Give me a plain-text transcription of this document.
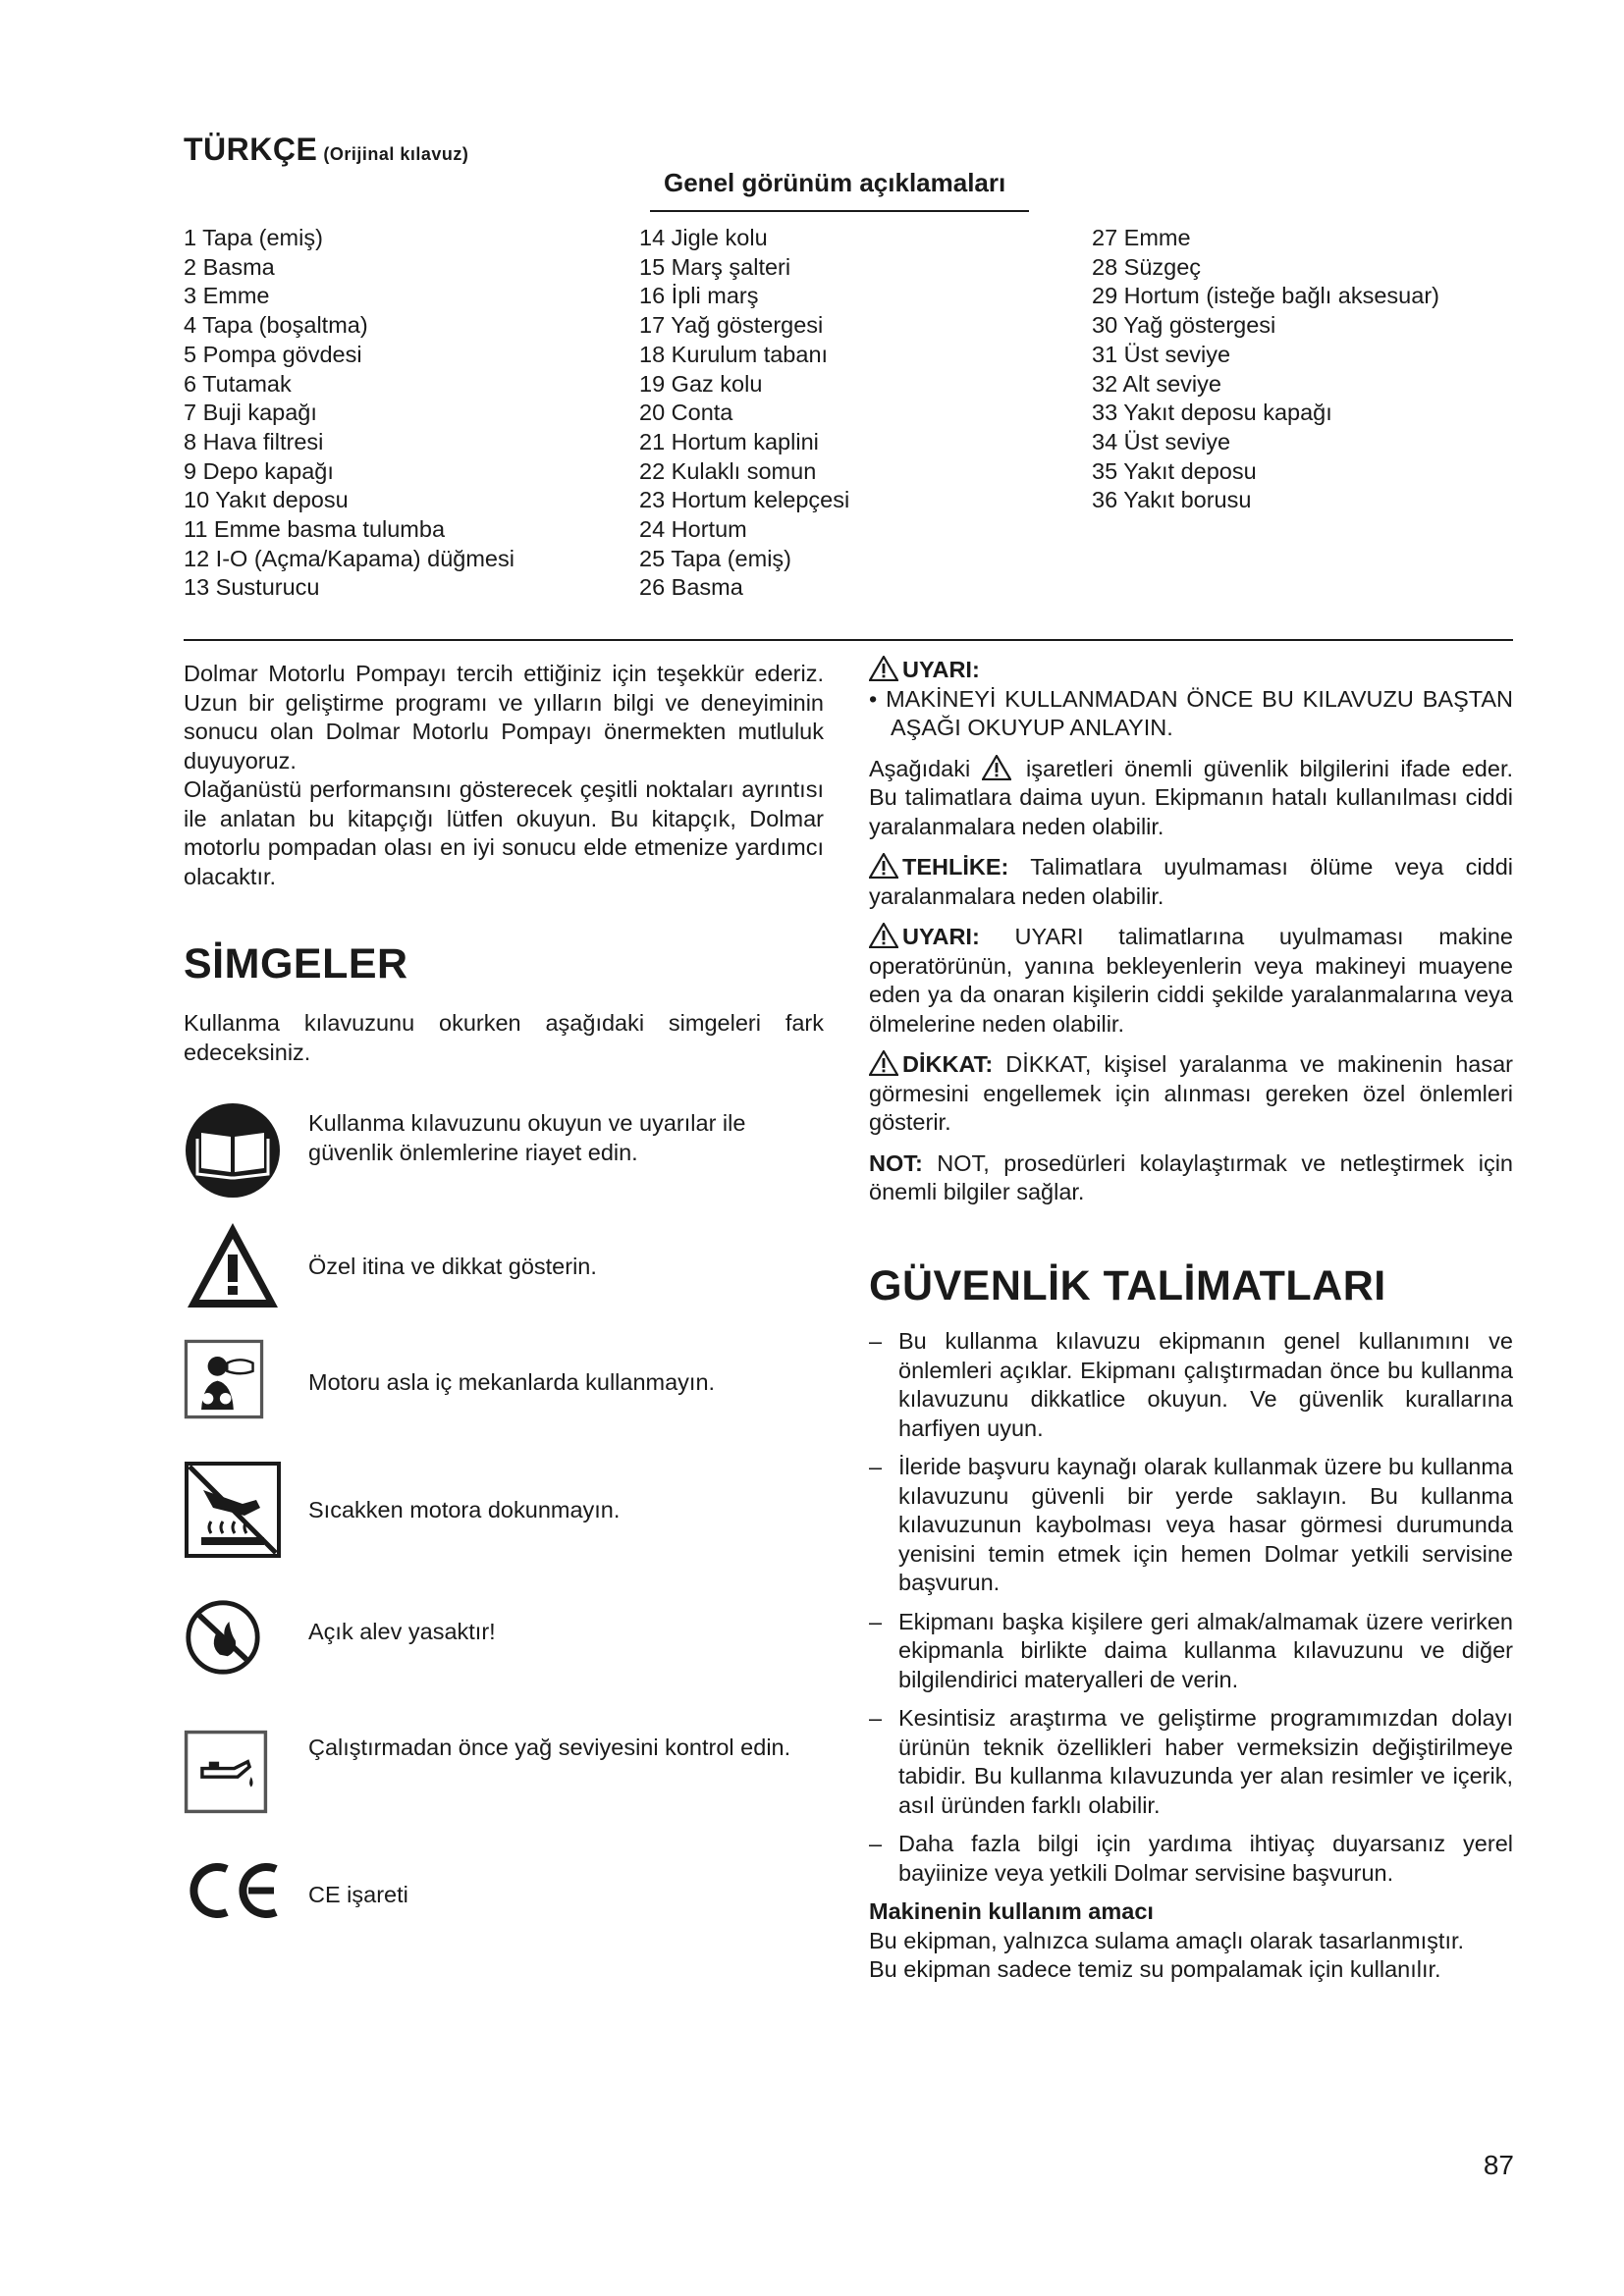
TÜRKÇE (Orijinal kılavuz)
Genel görünüm açıklamaları
1 Tapa (emiş)
2 Basma
3 Emme
4 Tapa (boşaltma)
5 Pompa gövdesi
6 Tutamak
7 Buji kapağı
8 Hava filtresi
9 Depo kapağı
10 Yakıt deposu
11 Emme basma tulumba
12 I-O (Açma/Kapama) düğmesi
13 Susturucu
14 Jigle kolu
15 Marş şalteri
16 İpli marş
17 Yağ göstergesi
18 Kurulum tabanı
19 Gaz kolu
20 Conta
21 Hortum kaplini
22 Kulaklı somun
23 Hortum kelepçesi
24 Hortum
25 Tapa (emiş)
26 Basma
27 Emme
28 Süzgeç
29 Hortum (isteğe bağlı aksesuar)
30 Yağ göstergesi
31 Üst seviye
32 Alt seviye
33 Yakıt deposu kapağı
34 Üst seviye
35 Yakıt deposu
36 Yakıt borusu

Dolmar Motorlu Pompayı tercih ettiğiniz için teşekkür ederiz. Uzun bir geliştirme programı ve yılların bilgi ve deneyiminin sonucu olan Dolmar Motorlu Pompayı önermekten mutluluk duyuyoruz.

Olağanüstü performansını gösterecek çeşitli noktaları ayrıntısı ile anlatan bu kitapçığı lütfen okuyun. Bu kitapçık, Dolmar motorlu pompadan olası en iyi sonucu elde etmenize yardımcı olacaktır.

SİMGELER

Kullanma kılavuzunu okurken aşağıdaki simgeleri fark edeceksiniz.

Kullanma kılavuzunu okuyun ve uyarılar ile güvenlik önlemlerine riayet edin.
Özel itina ve dikkat gösterin.
Motoru asla iç mekanlarda kullanmayın.
Sıcakken motora dokunmayın.
Açık alev yasaktır!
Çalıştırmadan önce yağ seviyesini kontrol edin.
CE işareti
UYARI:

• MAKİNEYİ KULLANMADAN ÖNCE BU KILAVUZU BAŞTAN AŞAĞI OKUYUP ANLAYIN.

Aşağıdaki işaretleri önemli güvenlik bilgilerini ifade eder. Bu talimatlara daima uyun. Ekipmanın hatalı kullanılması ciddi yaralanmalara neden olabilir.

TEHLİKE: Talimatlara uyulmaması ölüme veya ciddi yaralanmalara neden olabilir.

UYARI: UYARI talimatlarına uyulmaması makine operatörünün, yanına bekleyenlerin veya makineyi muayene eden ya da onaran kişilerin ciddi şekilde yaralanmalarına veya ölmelerine neden olabilir.

DİKKAT: DİKKAT, kişisel yaralanma ve makinenin hasar görmesini engellemek için alınması gereken özel önlemleri gösterir.

NOT: NOT, prosedürleri kolaylaştırmak ve netleştirmek için önemli bilgiler sağlar.

GÜVENLİK TALİMATLARI
– Bu kullanma kılavuzu ekipmanın genel kullanımını ve önlemleri açıklar. Ekipmanı çalıştırmadan önce bu kullanma kılavuzunu dikkatlice okuyun. Ve güvenlik kurallarına harfiyen uyun.
– İleride başvuru kaynağı olarak kullanmak üzere bu kullanma kılavuzunu güvenli bir yerde saklayın. Bu kullanma kılavuzunun kaybolması veya hasar görmesi durumunda yenisini temin etmek için hemen Dolmar yetkili servisine başvurun.
– Ekipmanı başka kişilere geri almak/almamak üzere verirken ekipmanla birlikte daima kullanma kılavuzunu ve diğer bilgilendirici materyalleri de verin.
– Kesintisiz araştırma ve geliştirme programımızdan dolayı ürünün teknik özellikleri haber vermeksizin değiştirilmeye tabidir. Bu kullanma kılavuzunda yer alan resimler ve içerik, asıl üründen farklı olabilir.
– Daha fazla bilgi için yardıma ihtiyaç duyarsanız yerel bayiinize veya yetkili Dolmar servisine başvurun.
Makinenin kullanım amacı

Bu ekipman, yalnızca sulama amaçlı olarak tasarlanmıştır.

Bu ekipman sadece temiz su pompalamak için kullanılır.

87
